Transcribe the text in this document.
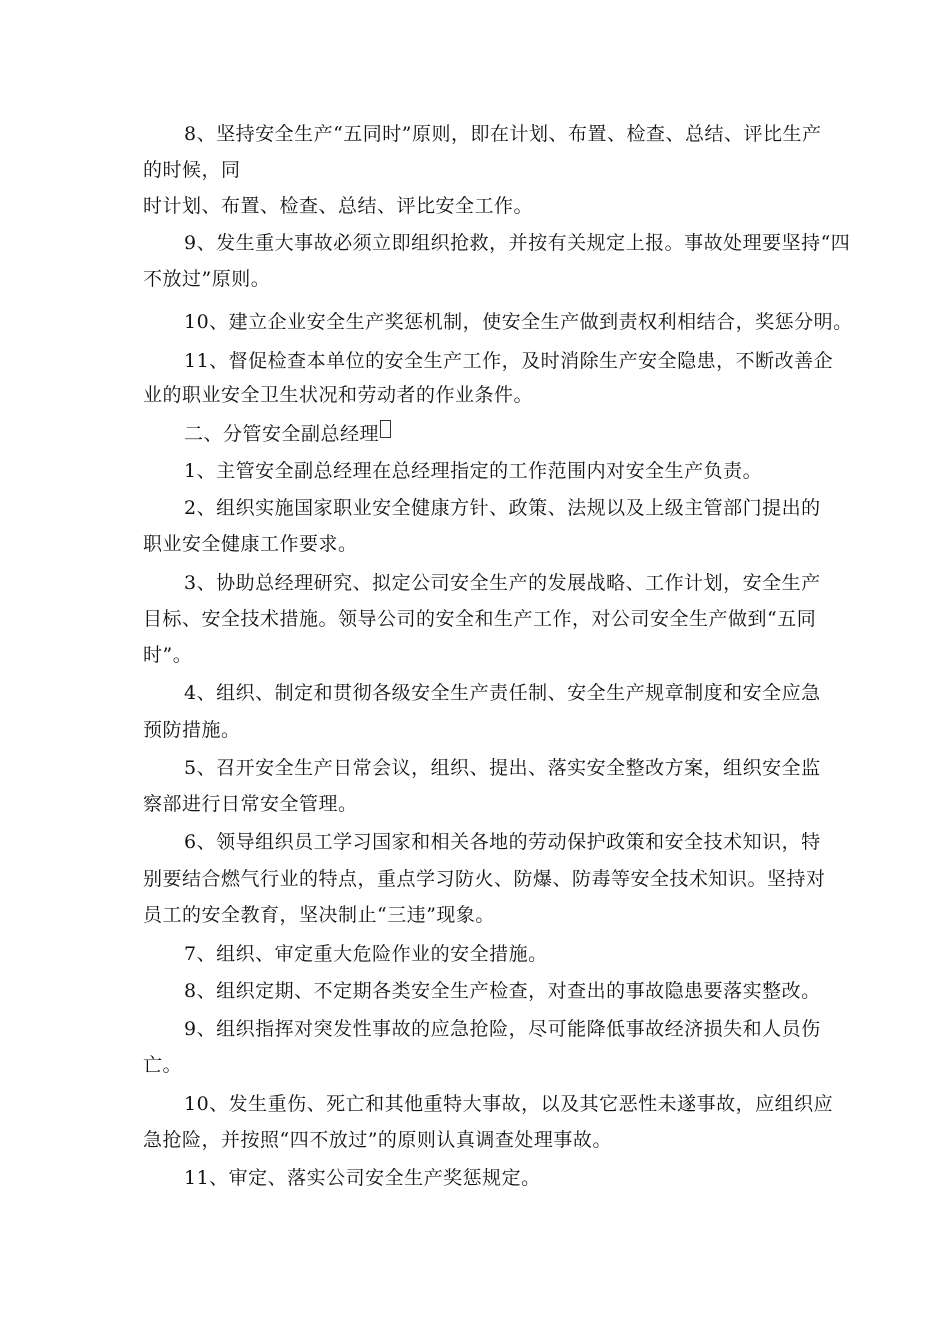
8、坚持安全生产“五同时”原则，即在计划、布置、检查、总结、评比生产
的时候，同
时计划、布置、检查、总结、评比安全工作。
9、发生重大事故必须立即组织抢救，并按有关规定上报。事故处理要坚持“四
不放过”原则。
10、建立企业安全生产奖惩机制，使安全生产做到责权利相结合，奖惩分明。
11、督促检查本单位的安全生产工作，及时消除生产安全隐患，不断改善企
业的职业安全卫生状况和劳动者的作业条件。
二、分管安全副总经理
1、主管安全副总经理在总经理指定的工作范围内对安全生产负责。
2、组织实施国家职业安全健康方针、政策、法规以及上级主管部门提出的
职业安全健康工作要求。
3、协助总经理研究、拟定公司安全生产的发展战略、工作计划，安全生产
目标、安全技术措施。领导公司的安全和生产工作，对公司安全生产做到“五同
时”。
4、组织、制定和贯彻各级安全生产责任制、安全生产规章制度和安全应急
预防措施。
5、召开安全生产日常会议，组织、提出、落实安全整改方案，组织安全监
察部进行日常安全管理。
6、领导组织员工学习国家和相关各地的劳动保护政策和安全技术知识，特
别要结合燃气行业的特点，重点学习防火、防爆、防毒等安全技术知识。坚持对
员工的安全教育，坚决制止“三违”现象。
7、组织、审定重大危险作业的安全措施。
8、组织定期、不定期各类安全生产检查，对查出的事故隐患要落实整改。
9、组织指挥对突发性事故的应急抢险，尽可能降低事故经济损失和人员伤
亡。
10、发生重伤、死亡和其他重特大事故，以及其它恶性未遂事故，应组织应
急抢险，并按照“四不放过”的原则认真调查处理事故。
11、审定、落实公司安全生产奖惩规定。
